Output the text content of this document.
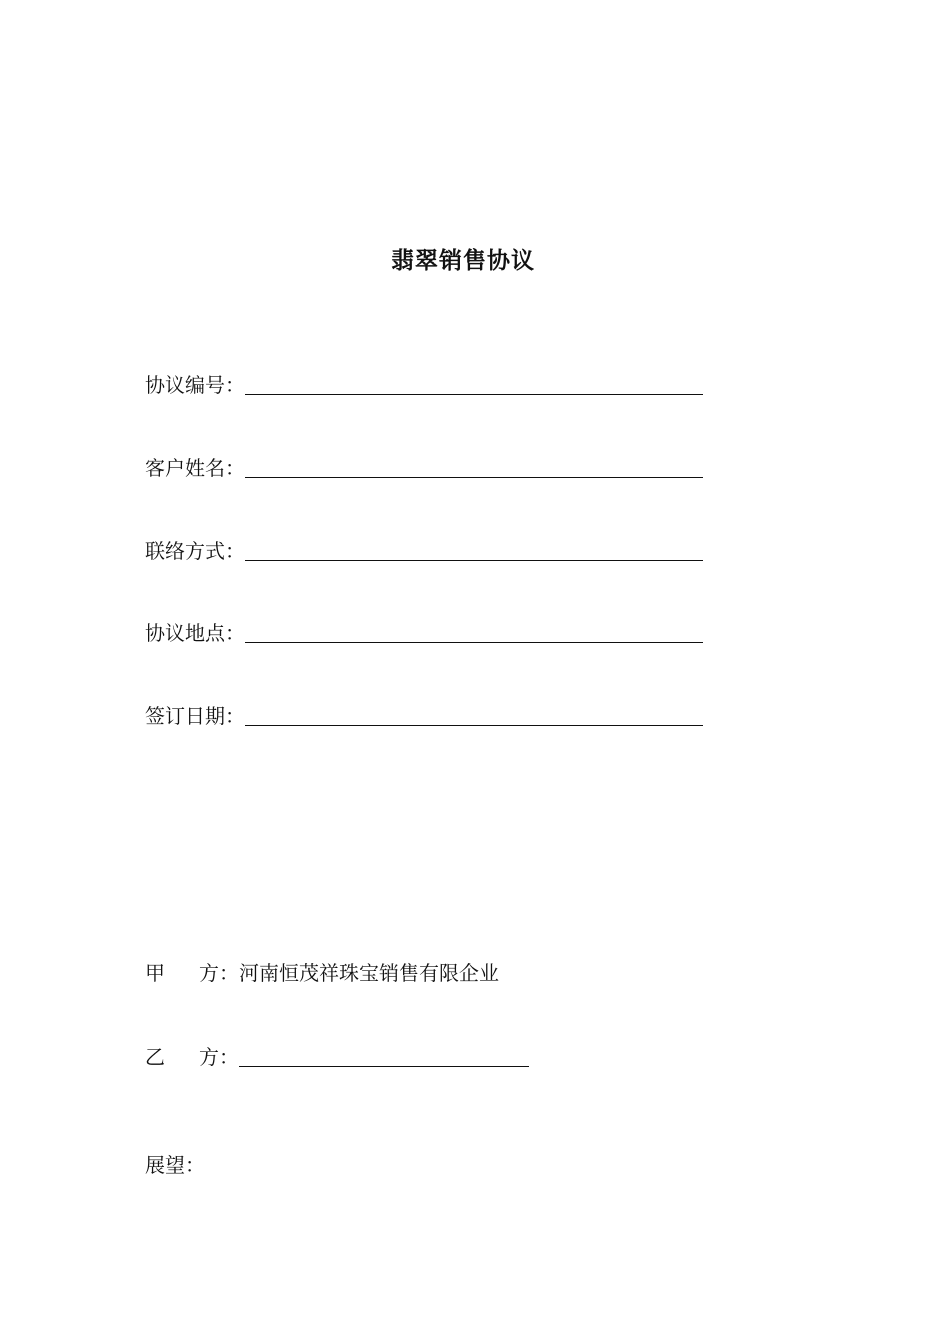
翡翠销售协议
协议编号：
客户姓名：
联络方式：
协议地点：
签订日期：
甲 方： 河南恒茂祥珠宝销售有限企业
乙 方：
展望：
